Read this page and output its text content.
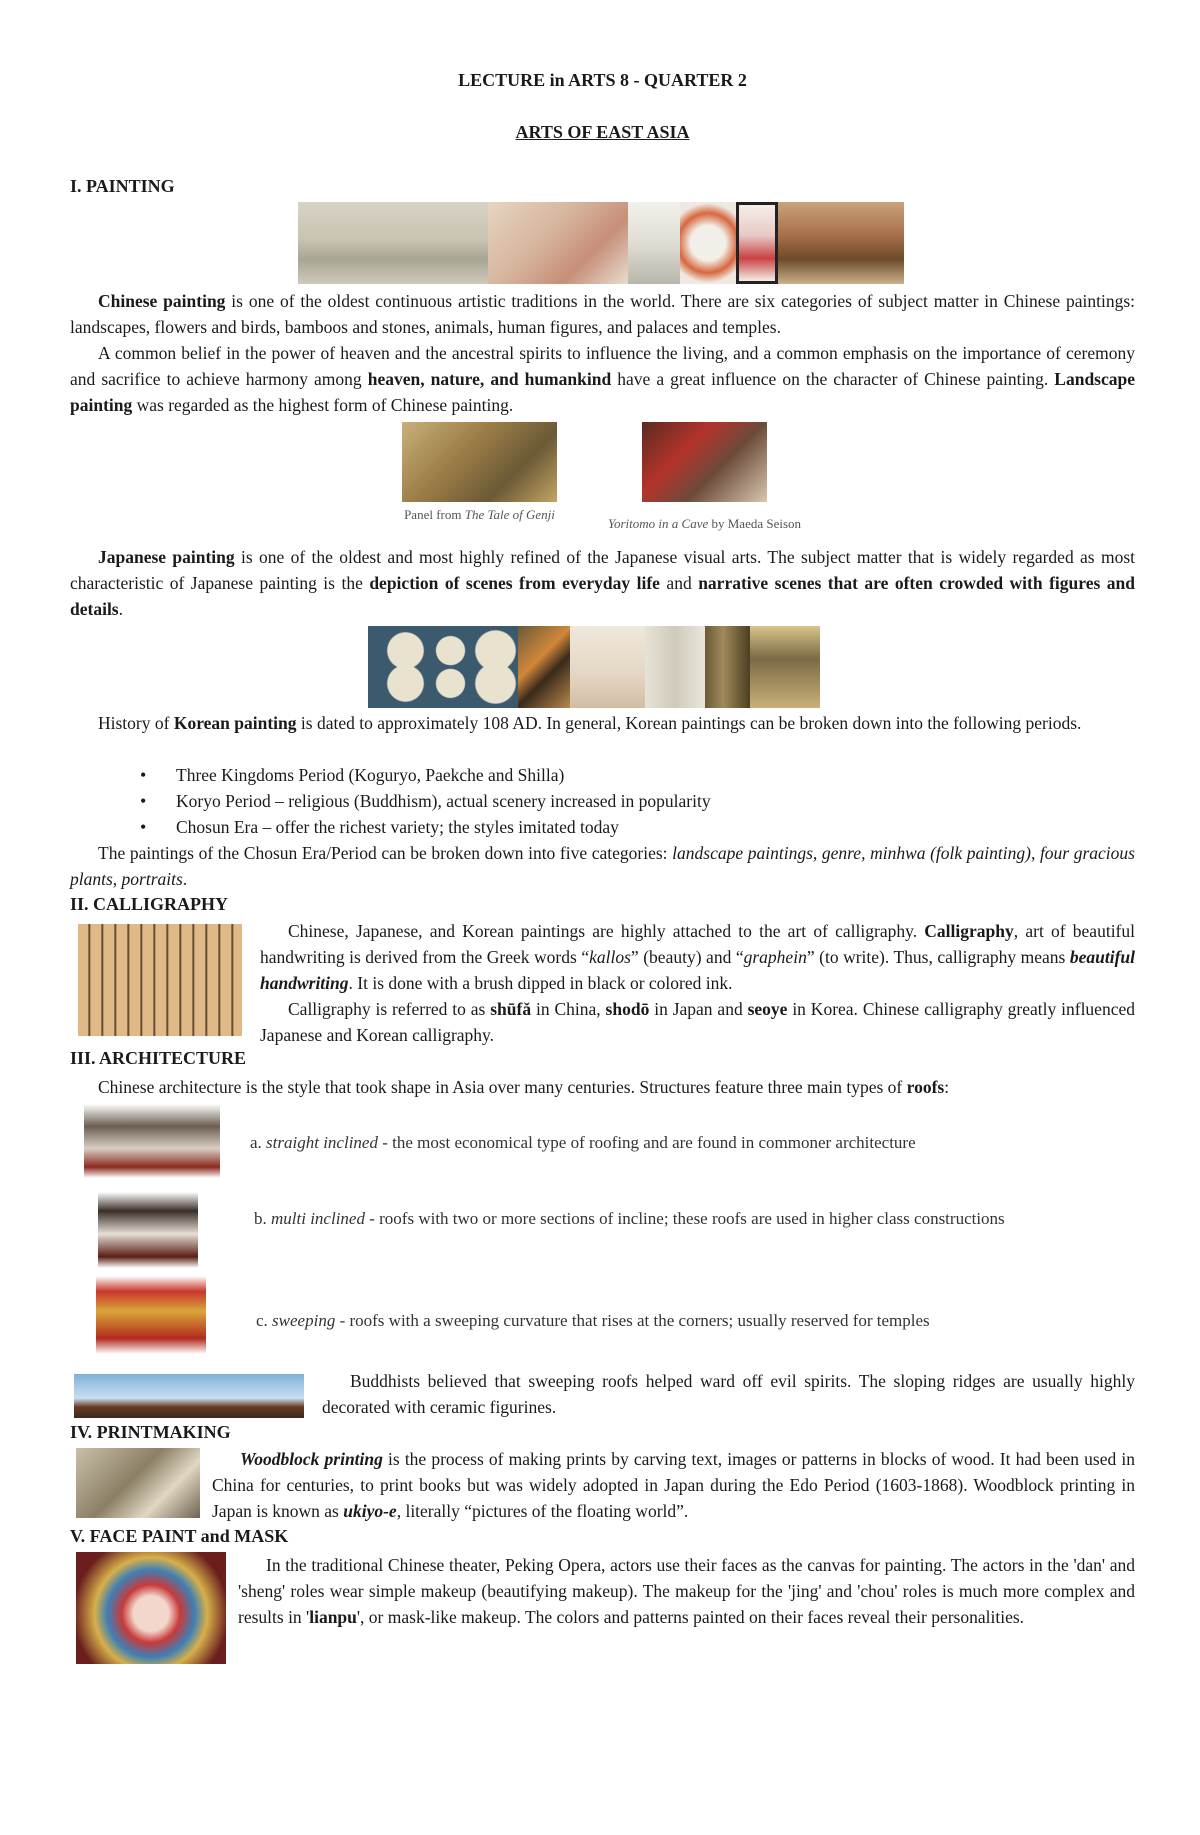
LECTURE in ARTS 8 - QUARTER 2
ARTS OF EAST ASIA
I. PAINTING

Chinese painting is one of the oldest continuous artistic traditions in the world. There are six categories of subject matter in Chinese paintings: landscapes, flowers and birds, bamboos and stones, animals, human figures, and palaces and temples.

A common belief in the power of heaven and the ancestral spirits to influence the living, and a common emphasis on the importance of ceremony and sacrifice to achieve harmony among heaven, nature, and humankind have a great influence on the character of Chinese painting. Landscape painting was regarded as the highest form of Chinese painting.

Panel from The Tale of Genji
Yoritomo in a Cave by Maeda Seison

Japanese painting is one of the oldest and most highly refined of the Japanese visual arts. The subject matter that is widely regarded as most characteristic of Japanese painting is the depiction of scenes from everyday life and narrative scenes that are often crowded with figures and details.

History of Korean painting is dated to approximately 108 AD. In general, Korean paintings can be broken down into the following periods.

• Three Kingdoms Period (Koguryo, Paekche and Shilla)
• Koryo Period – religious (Buddhism), actual scenery increased in popularity
• Chosun Era – offer the richest variety; the styles imitated today

The paintings of the Chosun Era/Period can be broken down into five categories: landscape paintings, genre, minhwa (folk painting), four gracious plants, portraits.

II. CALLIGRAPHY

Chinese, Japanese, and Korean paintings are highly attached to the art of calligraphy. Calligraphy, art of beautiful handwriting is derived from the Greek words “kallos” (beauty) and “graphein” (to write). Thus, calligraphy means beautiful handwriting. It is done with a brush dipped in black or colored ink.

Calligraphy is referred to as shūfǎ in China, shodō in Japan and seoye in Korea. Chinese calligraphy greatly influenced Japanese and Korean calligraphy.

III. ARCHITECTURE

Chinese architecture is the style that took shape in Asia over many centuries. Structures feature three main types of roofs:

a. straight inclined - the most economical type of roofing and are found in commoner architecture
b. multi inclined - roofs with two or more sections of incline; these roofs are used in higher class constructions
c. sweeping - roofs with a sweeping curvature that rises at the corners; usually reserved for temples

Buddhists believed that sweeping roofs helped ward off evil spirits. The sloping ridges are usually highly decorated with ceramic figurines.

IV. PRINTMAKING

Woodblock printing is the process of making prints by carving text, images or patterns in blocks of wood. It had been used in China for centuries, to print books but was widely adopted in Japan during the Edo Period (1603-1868). Woodblock printing in Japan is known as ukiyo-e, literally “pictures of the floating world”.

V. FACE PAINT and MASK

In the traditional Chinese theater, Peking Opera, actors use their faces as the canvas for painting. The actors in the 'dan' and 'sheng' roles wear simple makeup (beautifying makeup). The makeup for the 'jing' and 'chou' roles is much more complex and results in 'lianpu', or mask-like makeup. The colors and patterns painted on their faces reveal their personalities.
